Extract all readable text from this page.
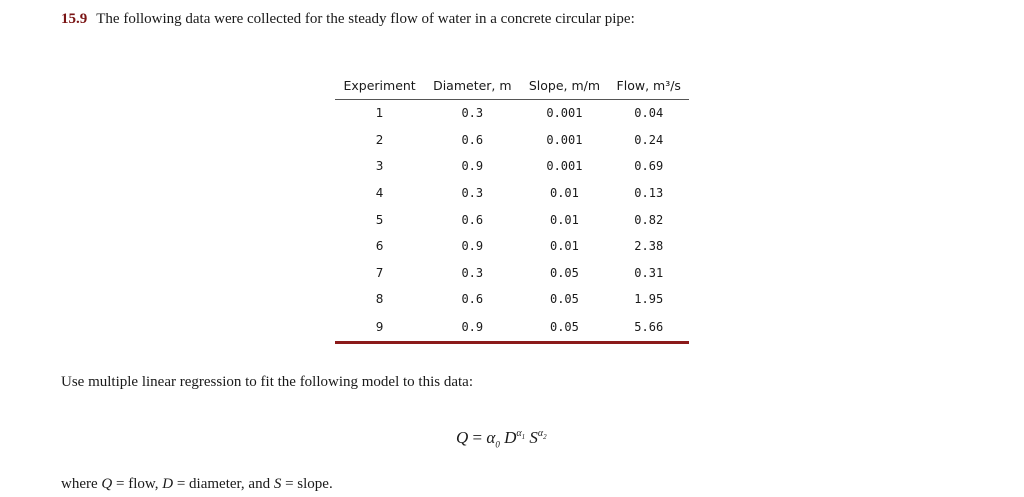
15.9 The following data were collected for the steady flow of water in a concrete circular pipe:
Experiment	Diameter, m	Slope, m/m	Flow, m³/s
1	0.3	0.001	0.04
2	0.6	0.001	0.24
3	0.9	0.001	0.69
4	0.3	0.01	0.13
5	0.6	0.01	0.82
6	0.9	0.01	2.38
7	0.3	0.05	0.31
8	0.6	0.05	1.95
9	0.9	0.05	5.66
Use multiple linear regression to fit the following model to this data:
$Q = \alpha_0$ $D^{\alpha_1}$ $S^{\alpha_2}$
where Q = flow, D = diameter, and S = slope.
